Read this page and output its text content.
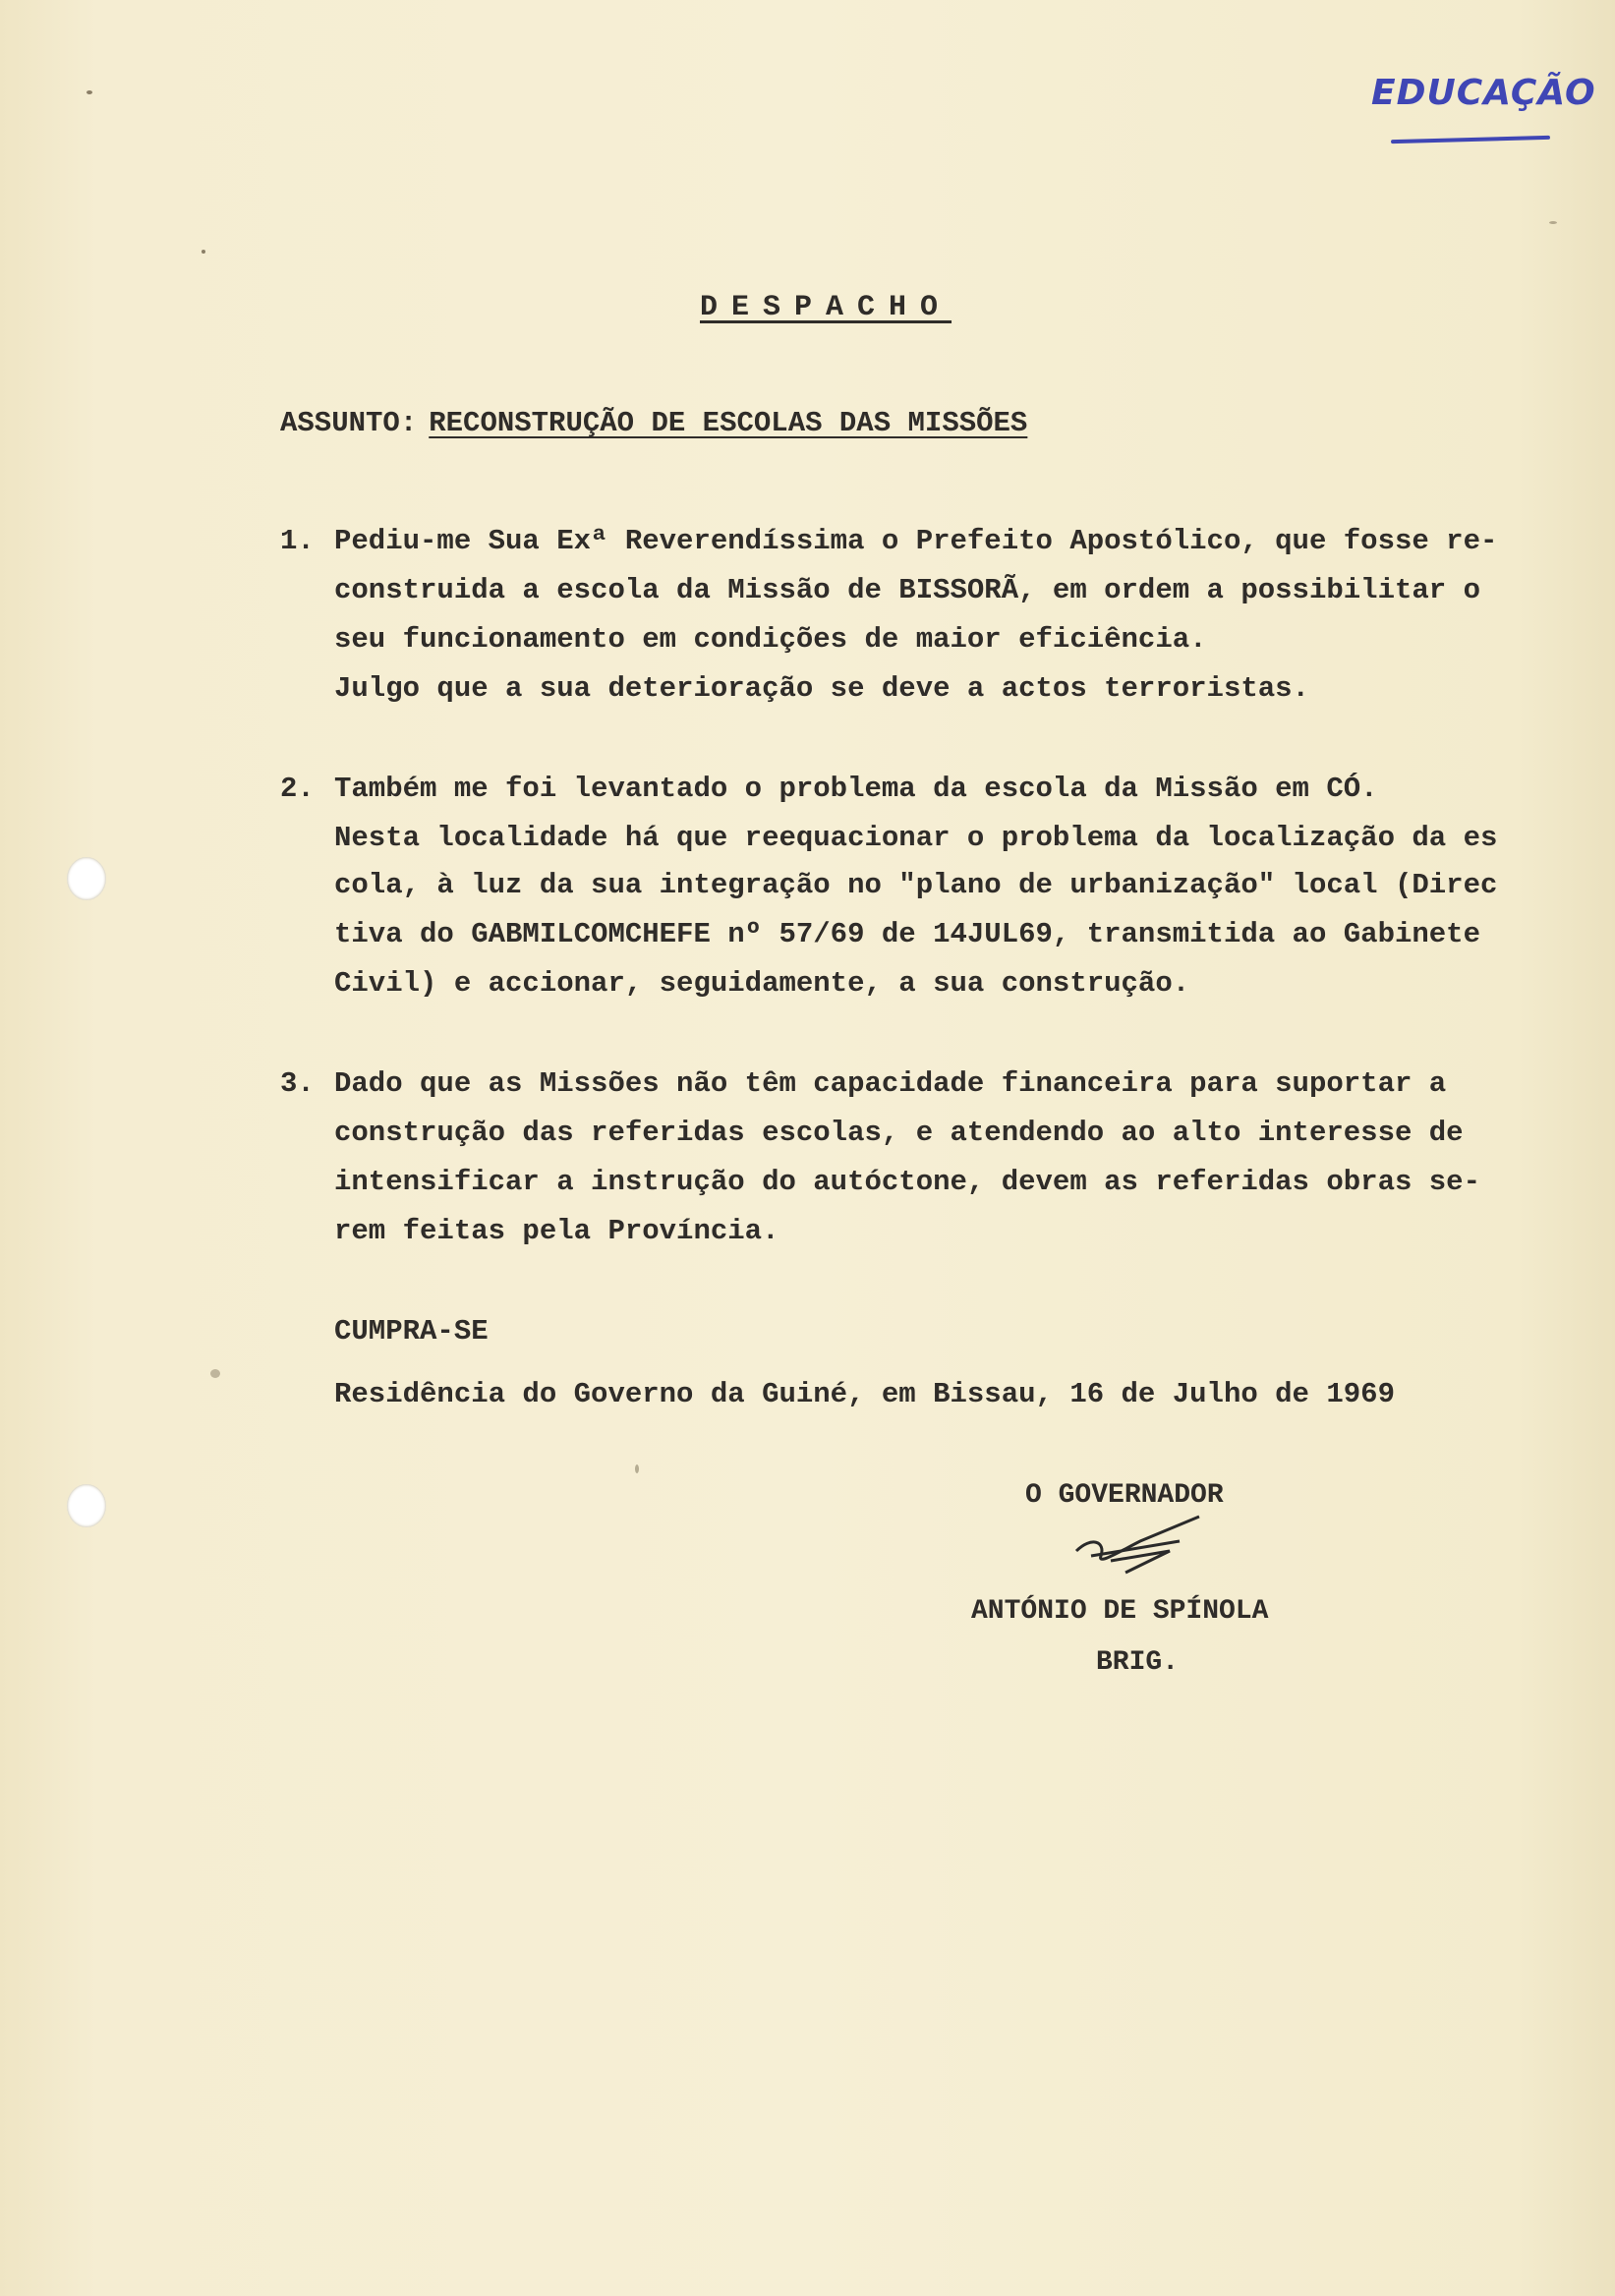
EDUCAÇÃO
DESPACHO
ASSUNTO: RECONSTRUÇÃO DE ESCOLAS DAS MISSÕES
1. Pediu-me Sua Exª Reverendíssima o Prefeito Apostólico, que fosse re-
construida a escola da Missão de BISSORÃ, em ordem a possibilitar o
seu funcionamento em condições de maior eficiência.
Julgo que a sua deterioração se deve a actos terroristas.
2. Também me foi levantado o problema da escola da Missão em CÓ.
Nesta localidade há que reequacionar o problema da localização da es
cola, à luz da sua integração no "plano de urbanização" local (Direc
tiva do GABMILCOMCHEFE nº 57/69 de 14JUL69, transmitida ao Gabinete
Civil) e accionar, seguidamente, a sua construção.
3. Dado que as Missões não têm capacidade financeira para suportar a
construção das referidas escolas, e atendendo ao alto interesse de
intensificar a instrução do autóctone, devem as referidas obras se-
rem feitas pela Província.
CUMPRA-SE
Residência do Governo da Guiné, em Bissau, 16 de Julho de 1969
O GOVERNADOR
ANTÓNIO DE SPÍNOLA
BRIG.
